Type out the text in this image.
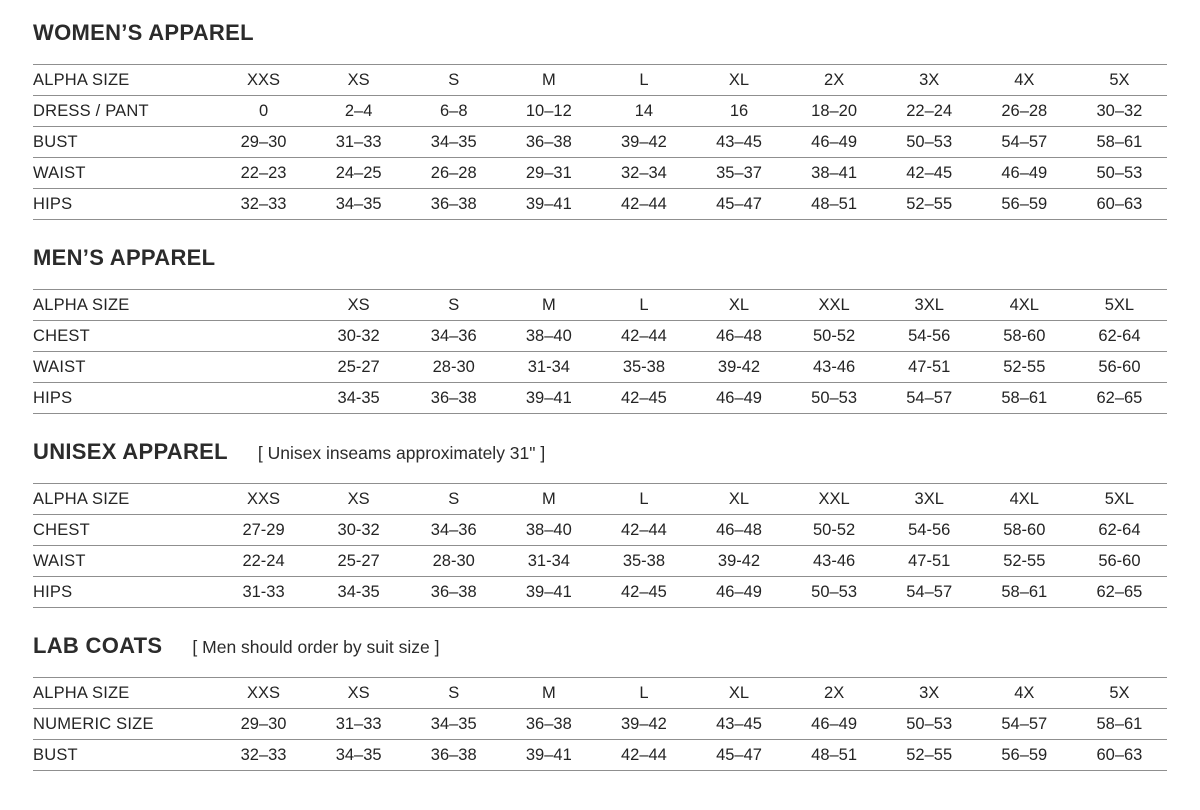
WOMEN’S APPAREL
ALPHA SIZE	XXS	XS	S	M	L	XL	2X	3X	4X	5X
DRESS / PANT	0	2–4	6–8	10–12	14	16	18–20	22–24	26–28	30–32
BUST	29–30	31–33	34–35	36–38	39–42	43–45	46–49	50–53	54–57	58–61
WAIST	22–23	24–25	26–28	29–31	32–34	35–37	38–41	42–45	46–49	50–53
HIPS	32–33	34–35	36–38	39–41	42–44	45–47	48–51	52–55	56–59	60–63
MEN’S APPAREL
ALPHA SIZE		XS	S	M	L	XL	XXL	3XL	4XL	5XL
CHEST		30-32	34–36	38–40	42–44	46–48	50-52	54-56	58-60	62-64
WAIST		25-27	28-30	31-34	35-38	39-42	43-46	47-51	52-55	56-60
HIPS		34-35	36–38	39–41	42–45	46–49	50–53	54–57	58–61	62–65
UNISEX APPAREL [ Unisex inseams approximately 31" ]
ALPHA SIZE	XXS	XS	S	M	L	XL	XXL	3XL	4XL	5XL
CHEST	27-29	30-32	34–36	38–40	42–44	46–48	50-52	54-56	58-60	62-64
WAIST	22-24	25-27	28-30	31-34	35-38	39-42	43-46	47-51	52-55	56-60
HIPS	31-33	34-35	36–38	39–41	42–45	46–49	50–53	54–57	58–61	62–65
LAB COATS [ Men should order by suit size ]
ALPHA SIZE	XXS	XS	S	M	L	XL	2X	3X	4X	5X
NUMERIC SIZE	29–30	31–33	34–35	36–38	39–42	43–45	46–49	50–53	54–57	58–61
BUST	32–33	34–35	36–38	39–41	42–44	45–47	48–51	52–55	56–59	60–63
